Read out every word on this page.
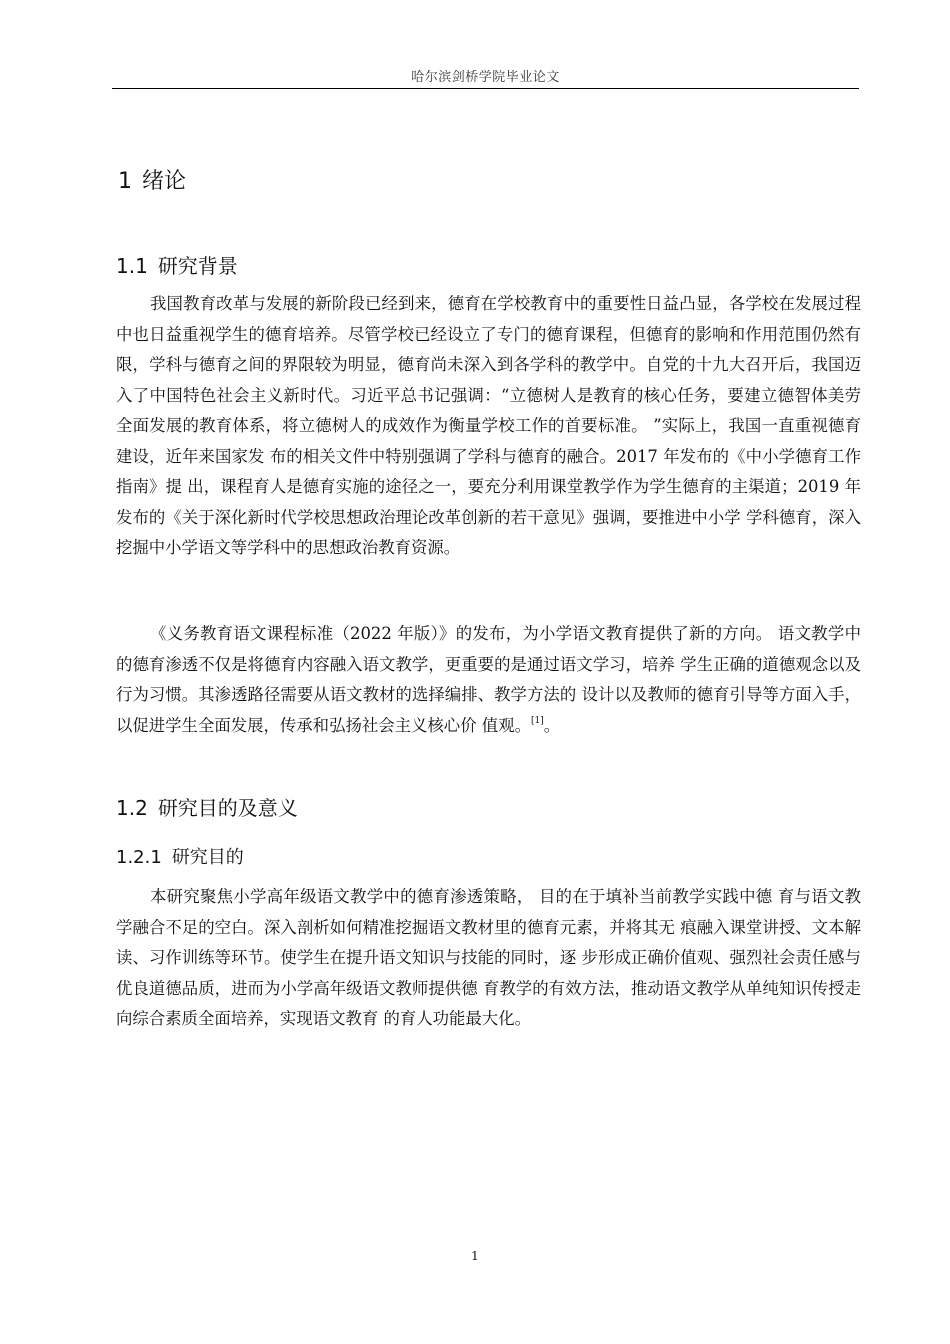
哈尔滨剑桥学院毕业论文
1 绪论
1.1 研究背景

我国教育改革与发展的新阶段已经到来，德育在学校教育中的重要性日益凸显，各学校在发展过程中也日益重视学生的德育培养。尽管学校已经设立了专门的德育课程，但德育的影响和作用范围仍然有限，学科与德育之间的界限较为明显，德育尚未深入到各学科的教学中。自党的十九大召开后，我国迈入了中国特色社会主义新时代。习近平总书记强调：“立德树人是教育的核心任务，要建立德智体美劳全面发展的教育体系，将立德树人的成效作为衡量学校工作的首要标准。 ”实际上，我国一直重视德育建设，近年来国家发 布的相关文件中特别强调了学科与德育的融合。2017 年发布的《中小学德育工作指南》提 出，课程育人是德育实施的途径之一，要充分利用课堂教学作为学生德育的主渠道；2019 年发布的《关于深化新时代学校思想政治理论改革创新的若干意见》强调，要推进中小学 学科德育，深入挖掘中小学语文等学科中的思想政治教育资源。

《义务教育语文课程标准（2022 年版）》的发布，为小学语文教育提供了新的方向。 语文教学中的德育渗透不仅是将德育内容融入语文教学，更重要的是通过语文学习，培养 学生正确的道德观念以及行为习惯。其渗透路径需要从语文教材的选择编排、教学方法的 设计以及教师的德育引导等方面入手，以促进学生全面发展，传承和弘扬社会主义核心价 值观。[1]。

1.2 研究目的及意义
1.2.1 研究目的

本研究聚焦小学高年级语文教学中的德育渗透策略， 目的在于填补当前教学实践中德 育与语文教学融合不足的空白。深入剖析如何精准挖掘语文教材里的德育元素，并将其无 痕融入课堂讲授、文本解读、习作训练等环节。使学生在提升语文知识与技能的同时，逐 步形成正确价值观、强烈社会责任感与优良道德品质，进而为小学高年级语文教师提供德 育教学的有效方法，推动语文教学从单纯知识传授走向综合素质全面培养，实现语文教育 的育人功能最大化。

1
